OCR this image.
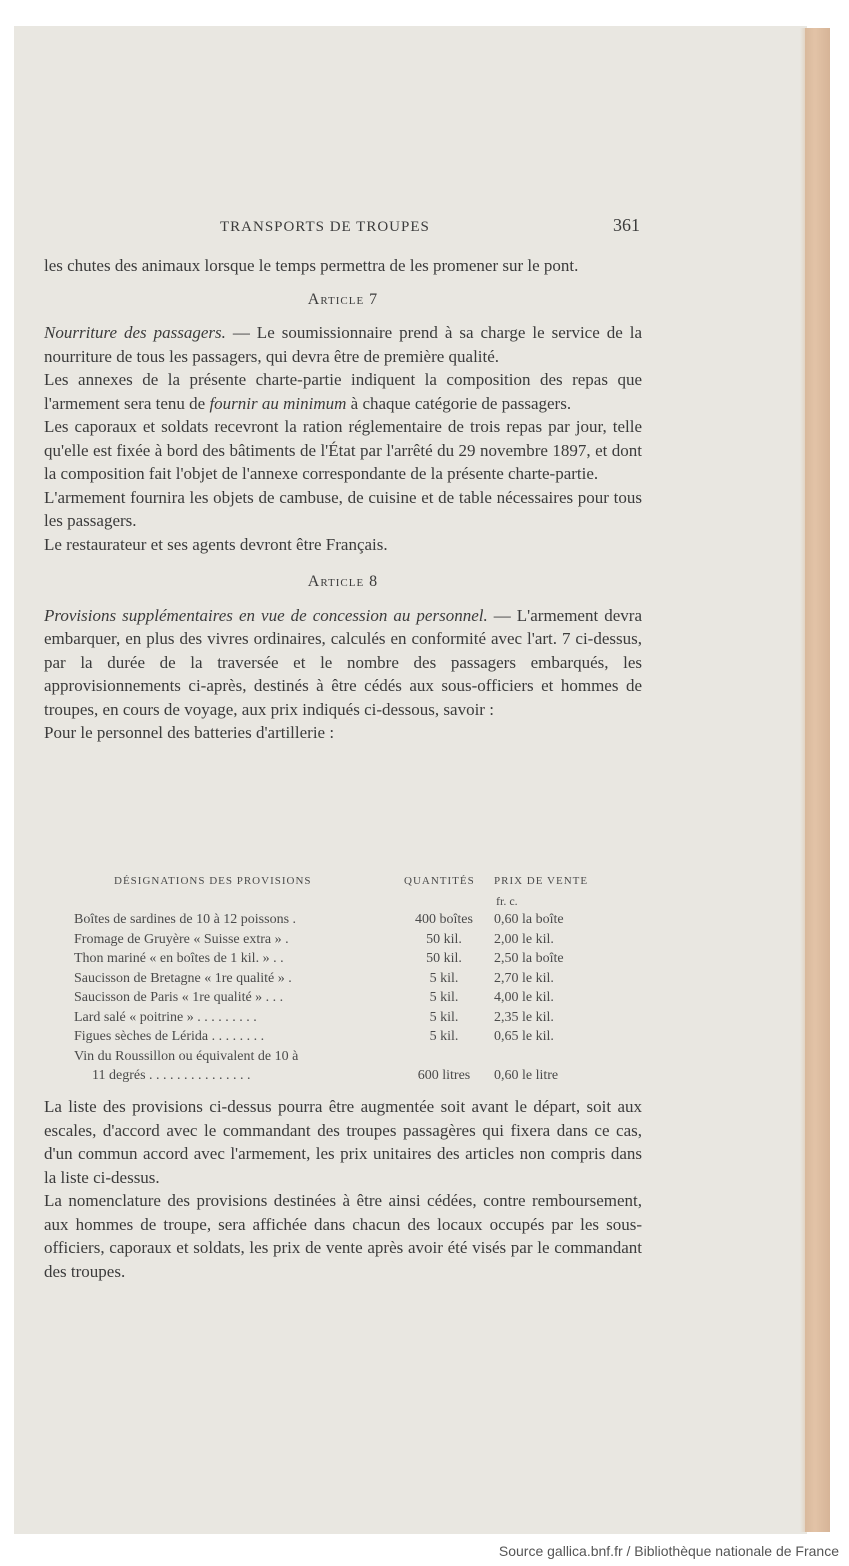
TRANSPORTS DE TROUPES	361

les chutes des animaux lorsque le temps permettra de les promener sur le pont.

Article 7

Nourriture des passagers. — Le soumissionnaire prend à sa charge le service de la nourriture de tous les passagers, qui devra être de première qualité.

Les annexes de la présente charte-partie indiquent la composition des repas que l'armement sera tenu de fournir au minimum à chaque catégorie de passagers.

Les caporaux et soldats recevront la ration réglementaire de trois repas par jour, telle qu'elle est fixée à bord des bâtiments de l'État par l'arrêté du 29 novembre 1897, et dont la composition fait l'objet de l'annexe correspondante de la présente charte-partie.

L'armement fournira les objets de cambuse, de cuisine et de table nécessaires pour tous les passagers.

Le restaurateur et ses agents devront être Français.

Article 8

Provisions supplémentaires en vue de concession au personnel. — L'armement devra embarquer, en plus des vivres ordinaires, calculés en conformité avec l'art. 7 ci-dessus, par la durée de la traversée et le nombre des passagers embarqués, les approvisionnements ci-après, destinés à être cédés aux sous-officiers et hommes de troupes, en cours de voyage, aux prix indiqués ci-dessous, savoir :

Pour le personnel des batteries d'artillerie :

DÉSIGNATIONS DES PROVISIONS	QUANTITÉS PRIX DE VENTE
fr. c.
Boîtes de sardines de 10 à 12 poissons .	400 boîtes	0,60 la boîte
Fromage de Gruyère « Suisse extra » .	50 kil.	2,00 le kil.
Thon mariné « en boîtes de 1 kil. » . .	50 kil.	2,50 la boîte
Saucisson de Bretagne « 1re qualité » .	5 kil.	2,70 le kil.
Saucisson de Paris « 1re qualité » . . .	5 kil.	4,00 le kil.
Lard salé « poitrine » . . . . . . . . .	5 kil.	2,35 le kil.
Figues sèches de Lérida . . . . . . . .	5 kil.	0,65 le kil.
Vin du Roussillon ou équivalent de 10 à
11 degrés . . . . . . . . . . . . . . .	600 litres	0,60 le litre

La liste des provisions ci-dessus pourra être augmentée soit avant le départ, soit aux escales, d'accord avec le commandant des troupes passagères qui fixera dans ce cas, d'un commun accord avec l'armement, les prix unitaires des articles non compris dans la liste ci-dessus.

La nomenclature des provisions destinées à être ainsi cédées, contre remboursement, aux hommes de troupe, sera affichée dans chacun des locaux occupés par les sous-officiers, caporaux et soldats, les prix de vente après avoir été visés par le commandant des troupes.

Source gallica.bnf.fr / Bibliothèque nationale de France
